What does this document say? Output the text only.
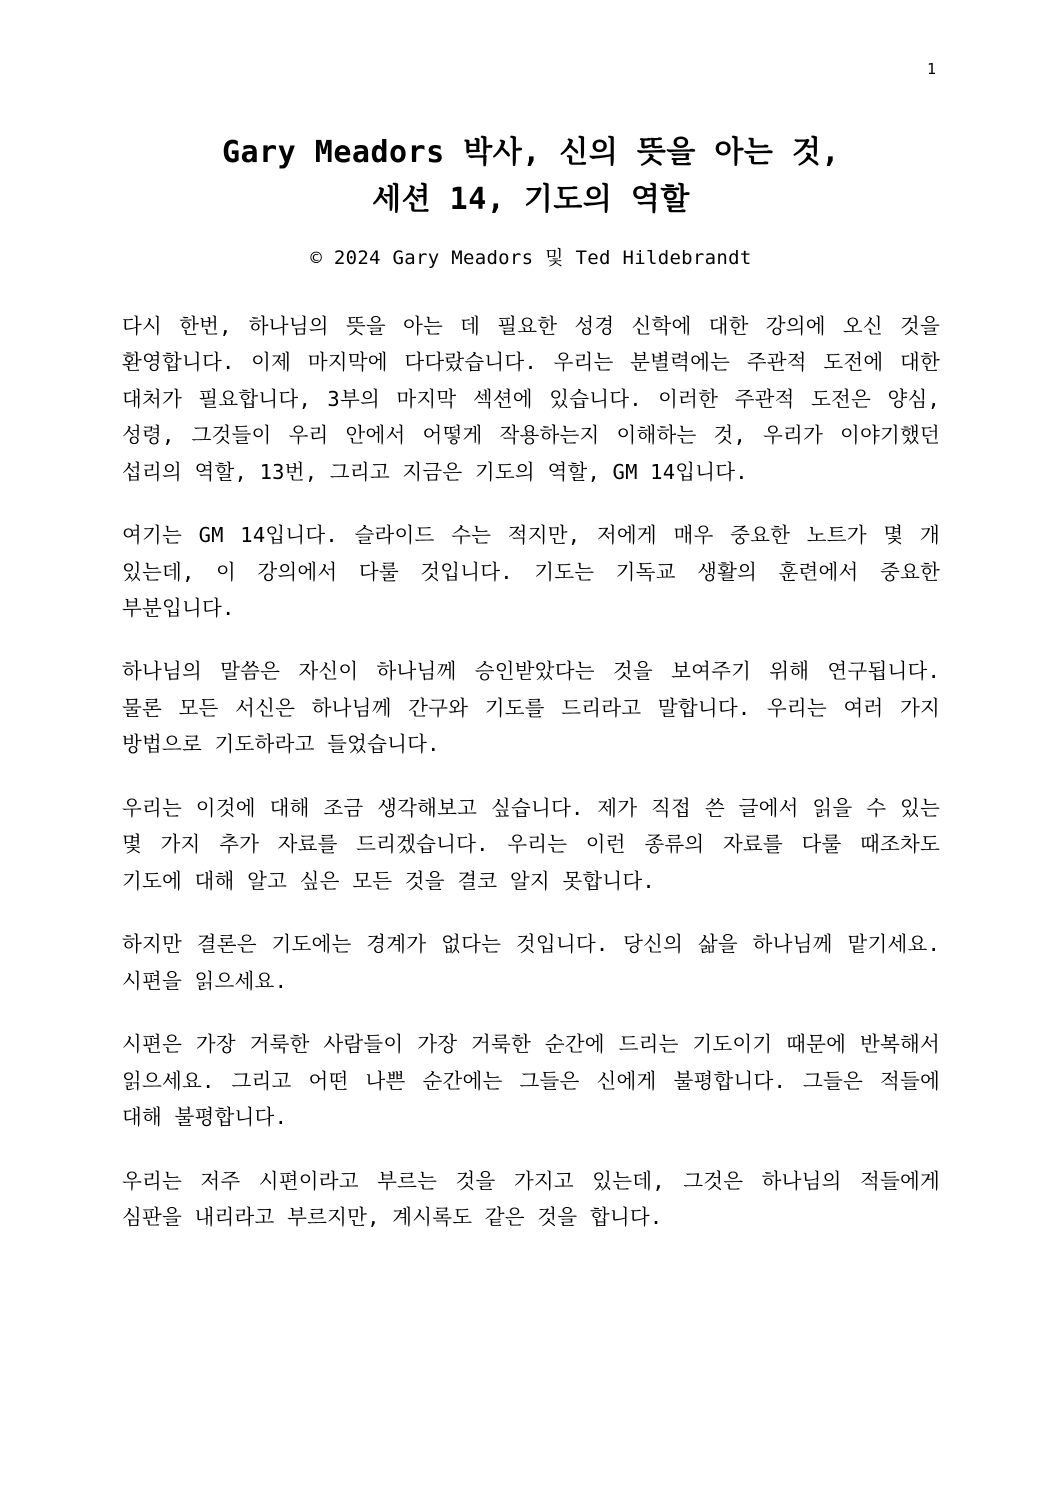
1
Gary Meadors 박사, 신의 뜻을 아는 것,
세션 14, 기도의 역할
© 2024 Gary Meadors 및 Ted Hildebrandt

다시 한번, 하나님의 뜻을 아는 데 필요한 성경 신학에 대한 강의에 오신 것을 환영합니다. 이제 마지막에 다다랐습니다. 우리는 분별력에는 주관적 도전에 대한 대처가 필요합니다, 3부의 마지막 섹션에 있습니다. 이러한 주관적 도전은 양심, 성령, 그것들이 우리 안에서 어떻게 작용하는지 이해하는 것, 우리가 이야기했던 섭리의 역할, 13번, 그리고 지금은 기도의 역할, GM 14입니다.

여기는 GM 14입니다. 슬라이드 수는 적지만, 저에게 매우 중요한 노트가 몇 개 있는데, 이 강의에서 다룰 것입니다. 기도는 기독교 생활의 훈련에서 중요한 부분입니다.

하나님의 말씀은 자신이 하나님께 승인받았다는 것을 보여주기 위해 연구됩니다. 물론 모든 서신은 하나님께 간구와 기도를 드리라고 말합니다. 우리는 여러 가지 방법으로 기도하라고 들었습니다.

우리는 이것에 대해 조금 생각해보고 싶습니다. 제가 직접 쓴 글에서 읽을 수 있는 몇 가지 추가 자료를 드리겠습니다. 우리는 이런 종류의 자료를 다룰 때조차도 기도에 대해 알고 싶은 모든 것을 결코 알지 못합니다.

하지만 결론은 기도에는 경계가 없다는 것입니다. 당신의 삶을 하나님께 맡기세요. 시편을 읽으세요.

시편은 가장 거룩한 사람들이 가장 거룩한 순간에 드리는 기도이기 때문에 반복해서 읽으세요. 그리고 어떤 나쁜 순간에는 그들은 신에게 불평합니다. 그들은 적들에 대해 불평합니다.

우리는 저주 시편이라고 부르는 것을 가지고 있는데, 그것은 하나님의 적들에게 심판을 내리라고 부르지만, 계시록도 같은 것을 합니다.
